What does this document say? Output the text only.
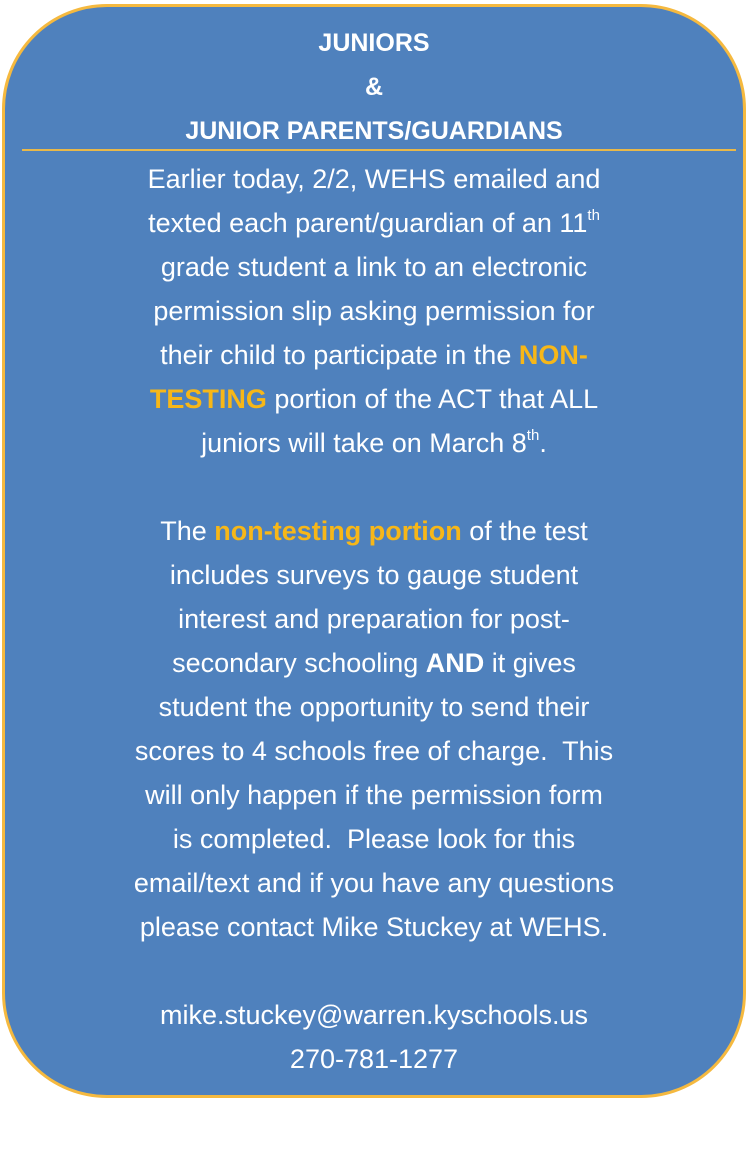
JUNIORS
&
JUNIOR PARENTS/GUARDIANS

Earlier today, 2/2, WEHS emailed and

texted each parent/guardian of an 11th

grade student a link to an electronic

permission slip asking permission for

their child to participate in the NON-

TESTING portion of the ACT that ALL

juniors will take on March 8th.

The non-testing portion of the test

includes surveys to gauge student

interest and preparation for post-

secondary schooling AND it gives

student the opportunity to send their

scores to 4 schools free of charge.  This

will only happen if the permission form

is completed.  Please look for this

email/text and if you have any questions

please contact Mike Stuckey at WEHS.

mike.stuckey@warren.kyschools.us

270-781-1277
